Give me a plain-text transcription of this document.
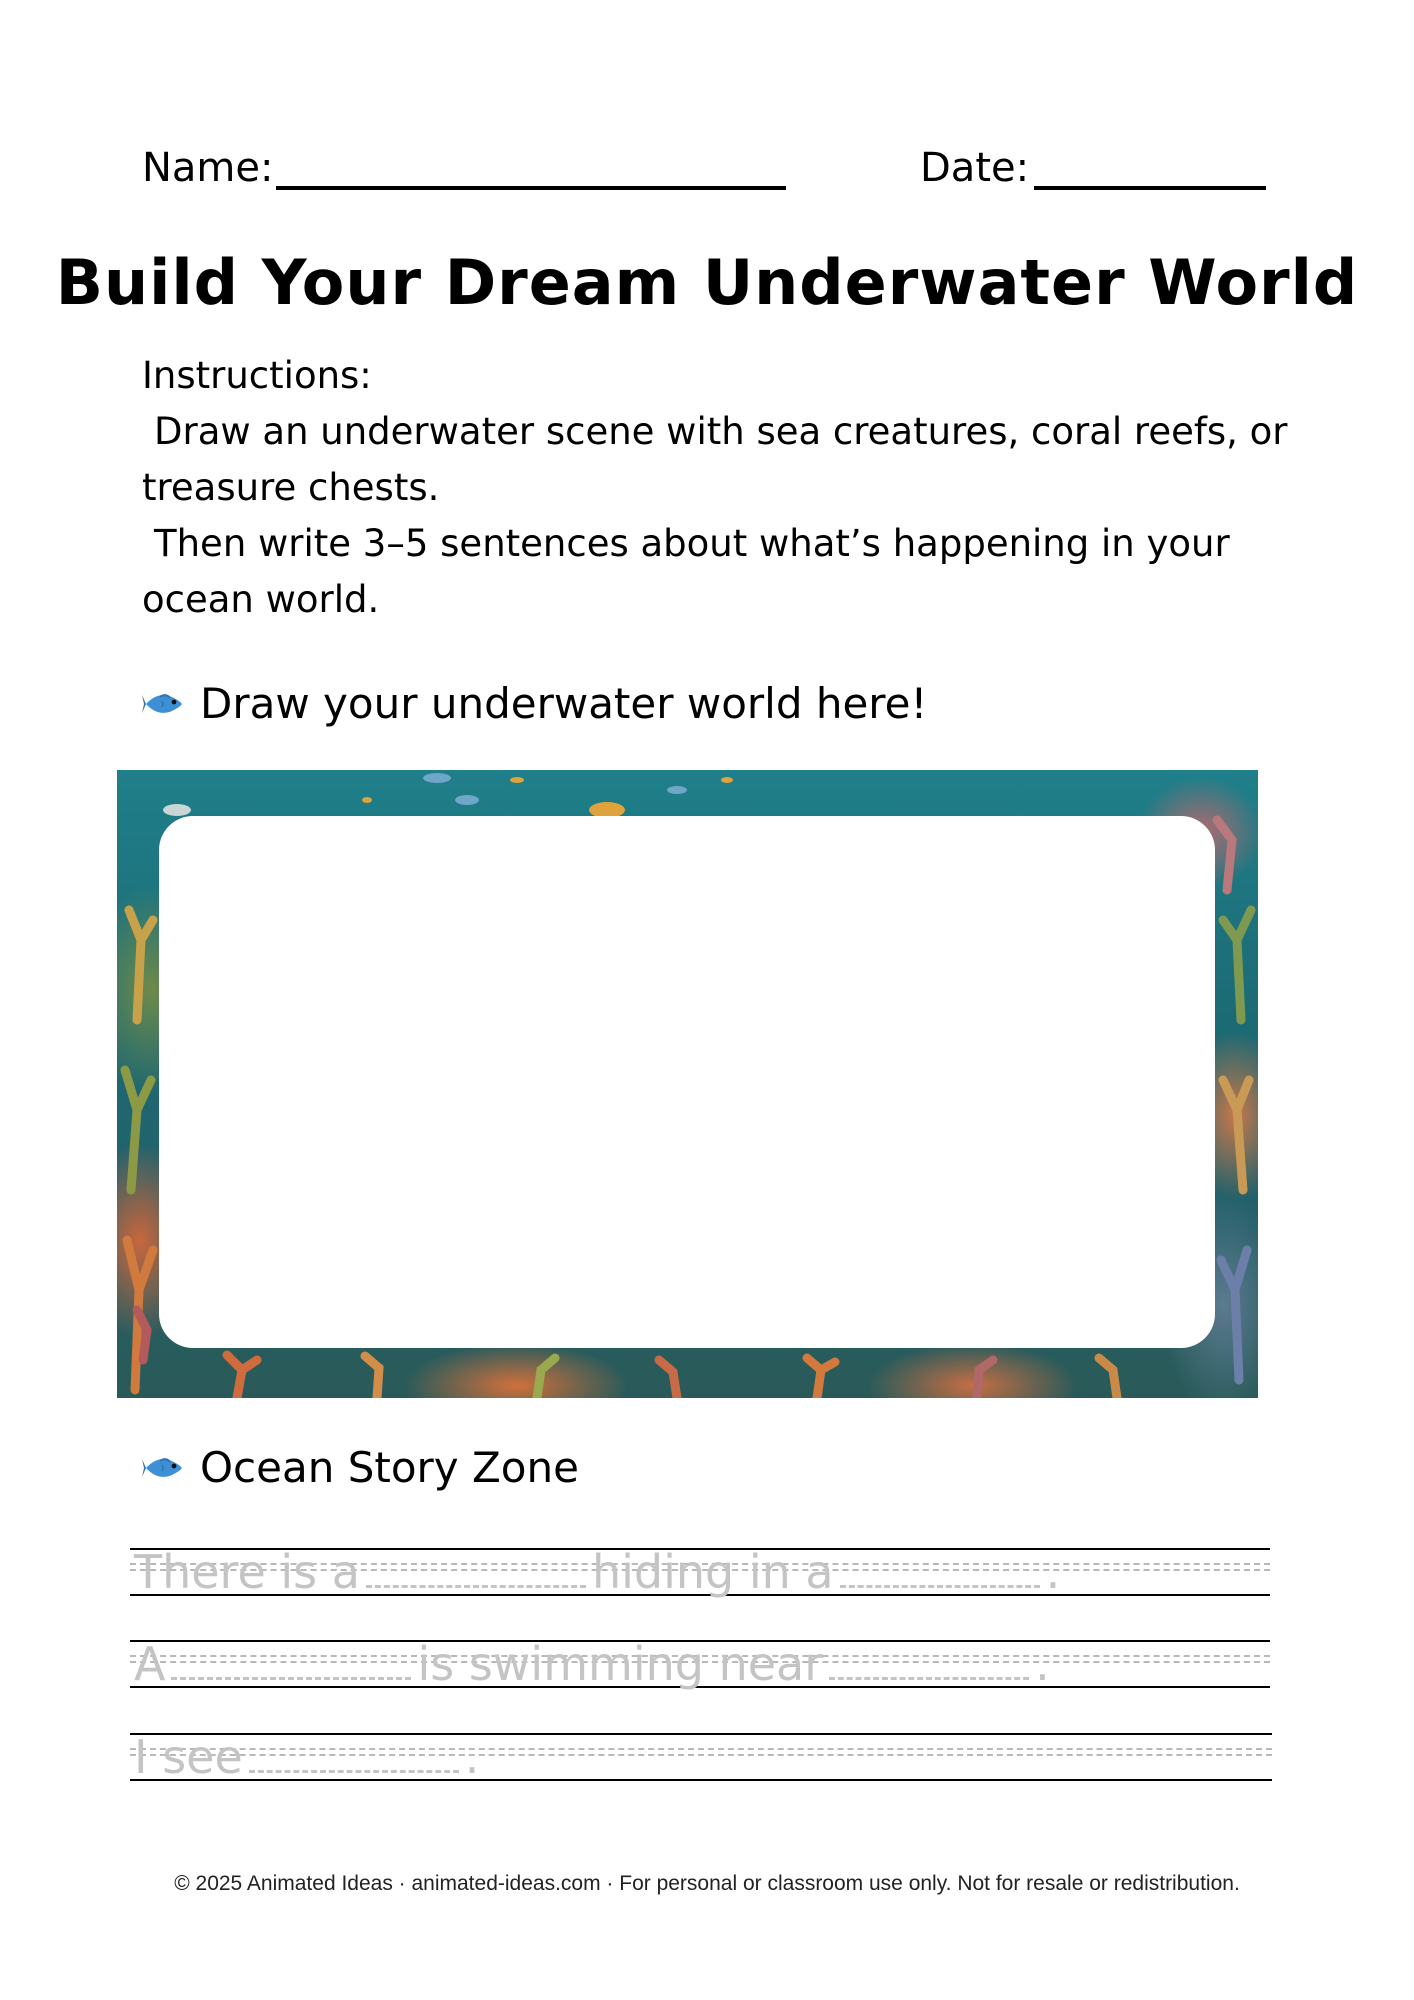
Name:	Date:
Build Your Dream Underwater World
Instructions:
Draw an underwater scene with sea creatures, coral reefs, or treasure chests.
Then write 3–5 sentences about what’s happening in your ocean world.
Draw your underwater world here!
Ocean Story Zone
There is a	hiding in a	.
A	is swimming near	.
I see	.
© 2025 Animated Ideas · animated-ideas.com · For personal or classroom use only. Not for resale or redistribution.
